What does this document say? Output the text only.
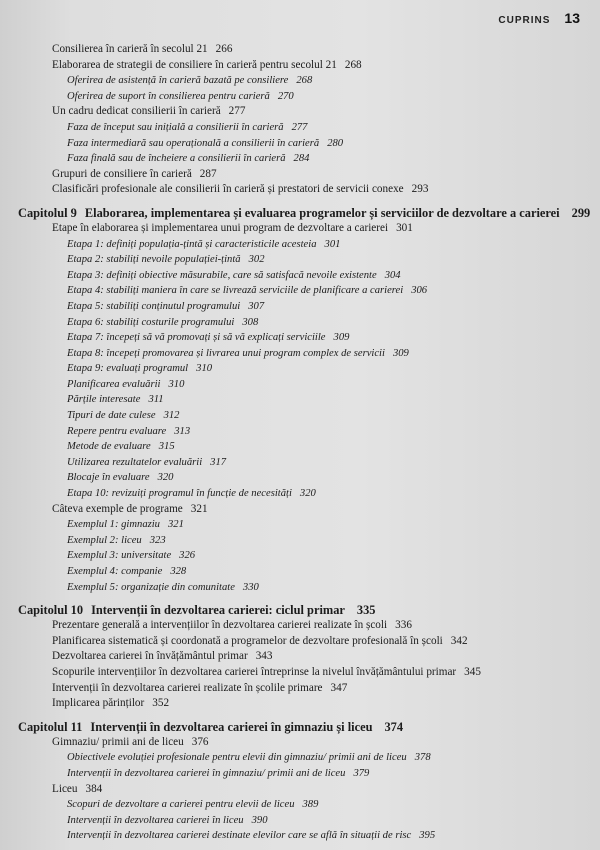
CUPRINS 13
Consilierea în carieră în secolul 21 266
Elaborarea de strategii de consiliere în carieră pentru secolul 21 268
Oferirea de asistență în carieră bazată pe consiliere 268
Oferirea de suport în consilierea pentru carieră 270
Un cadru dedicat consilierii în carieră 277
Faza de început sau inițială a consilierii în carieră 277
Faza intermediară sau operațională a consilierii în carieră 280
Faza finală sau de încheiere a consilierii în carieră 284
Grupuri de consiliere în carieră 287
Clasificări profesionale ale consilierii în carieră și prestatori de servicii conexe 293
Capitolul 9 Elaborarea, implementarea și evaluarea programelor și serviciilor de dezvoltare a carierei 299
Etape în elaborarea și implementarea unui program de dezvoltare a carierei 301
Etapa 1: definiți populația-țintă și caracteristicile acesteia 301
Etapa 2: stabiliți nevoile populației-țintă 302
Etapa 3: definiți obiective măsurabile, care să satisfacă nevoile existente 304
Etapa 4: stabiliți maniera în care se livrează serviciile de planificare a carierei 306
Etapa 5: stabiliți conținutul programului 307
Etapa 6: stabiliți costurile programului 308
Etapa 7: începeți să vă promovați și să vă explicați serviciile 309
Etapa 8: începeți promovarea și livrarea unui program complex de servicii 309
Etapa 9: evaluați programul 310
Planificarea evaluării 310
Părțile interesate 311
Tipuri de date culese 312
Repere pentru evaluare 313
Metode de evaluare 315
Utilizarea rezultatelor evaluării 317
Blocaje în evaluare 320
Etapa 10: revizuiți programul în funcție de necesități 320
Câteva exemple de programe 321
Exemplul 1: gimnaziu 321
Exemplul 2: liceu 323
Exemplul 3: universitate 326
Exemplul 4: companie 328
Exemplul 5: organizație din comunitate 330
Capitolul 10 Intervenții în dezvoltarea carierei: ciclul primar 335
Prezentare generală a intervențiilor în dezvoltarea carierei realizate în școli 336
Planificarea sistematică și coordonată a programelor de dezvoltare profesională în școli 342
Dezvoltarea carierei în învățământul primar 343
Scopurile intervențiilor în dezvoltarea carierei întreprinse la nivelul învățământului primar 345
Intervenții în dezvoltarea carierei realizate în școlile primare 347
Implicarea părinților 352
Capitolul 11 Intervenții în dezvoltarea carierei în gimnaziu și liceu 374
Gimnaziu/ primii ani de liceu 376
Obiectivele evoluției profesionale pentru elevii din gimnaziu/ primii ani de liceu 378
Intervenții în dezvoltarea carierei în gimnaziu/ primii ani de liceu 379
Liceu 384
Scopuri de dezvoltare a carierei pentru elevii de liceu 389
Intervenții în dezvoltarea carierei în liceu 390
Intervenții în dezvoltarea carierei destinate elevilor care se află în situații de risc 395
